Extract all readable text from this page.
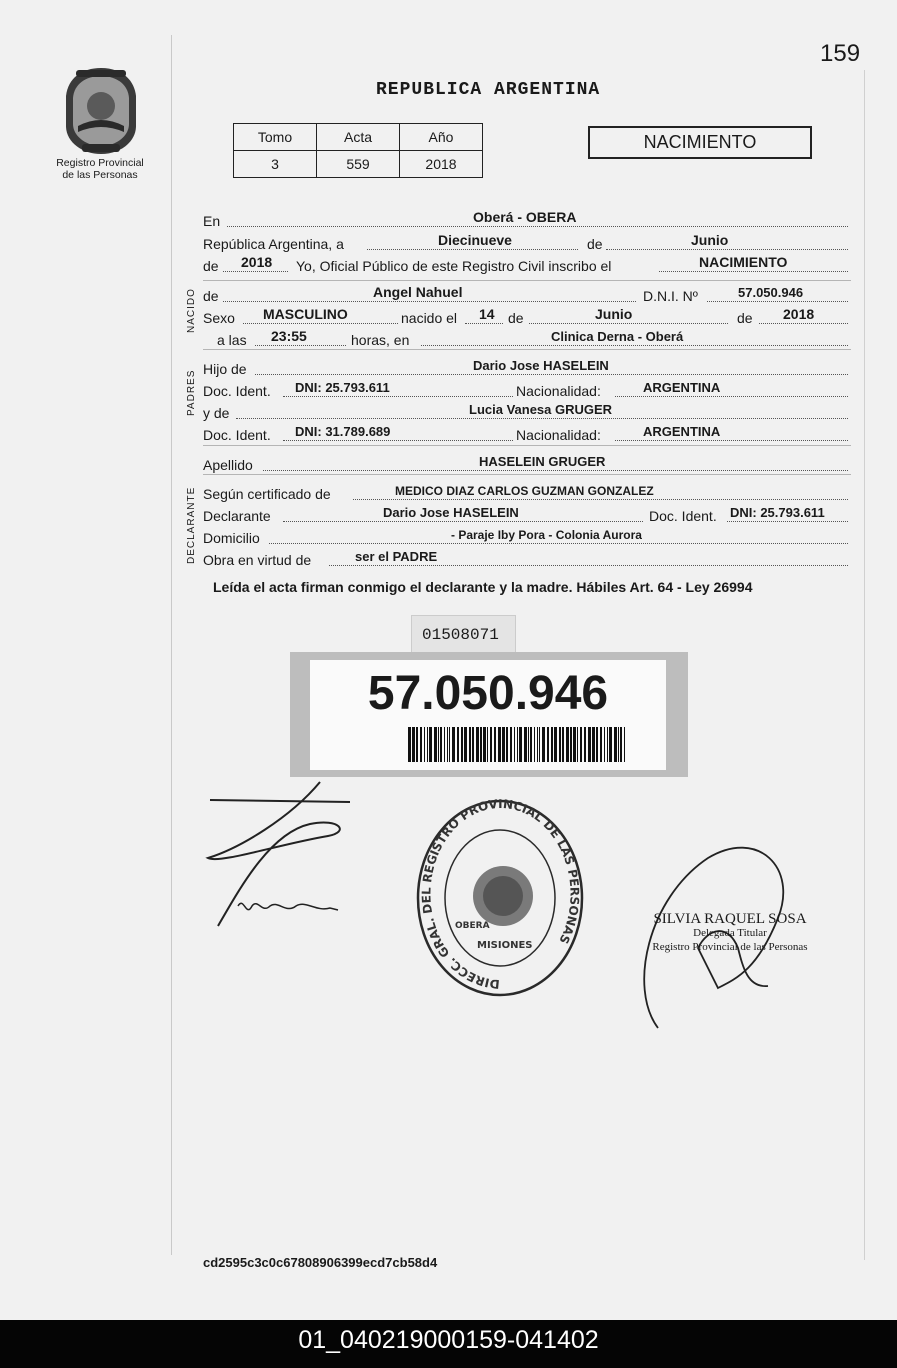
159
Registro Provincial
de las Personas
REPUBLICA ARGENTINA
Tomo	Acta	Año
3	559	2018
NACIMIENTO
En	Oberá - OBERA
República Argentina, a	Diecinueve	de	Junio
de 2018 Yo, Oficial Público de este Registro Civil inscribo el	NACIMIENTO
NACIDO de	Angel Nahuel	D.N.I. Nº	57.050.946
Sexo MASCULINO	nacido el 14 de	Junio	de 2018
a las 23:55	horas, en	Clinica Derna - Oberá
PADRES
Hijo de	Dario Jose HASELEIN
Doc. Ident. DNI: 25.793.611	Nacionalidad:	ARGENTINA
y de	Lucia Vanesa GRUGER
Doc. Ident. DNI: 31.789.689	Nacionalidad:	ARGENTINA
Apellido	HASELEIN GRUGER
DECLARANTE Según certificado de	MEDICO DIAZ CARLOS GUZMAN GONZALEZ
Declarante	Dario Jose HASELEIN	Doc. Ident. DNI: 25.793.611
Domicilio	- Paraje Iby Pora - Colonia Aurora
Obra en virtud de	ser el PADRE
Leída el acta firman conmigo el declarante y la madre. Hábiles Art. 64 - Ley 26994
01508071
57.050.946
DIRECC. GRAL. DEL REGISTRO PROVINCIAL DE LAS PERSONAS
MISIONES
OBERA	SILVIA RAQUEL SOSA
Delegada Titular
Registro Provincial de las Personas
cd2595c3c0c67808906399ecd7cb58d4
01_040219000159-041402
